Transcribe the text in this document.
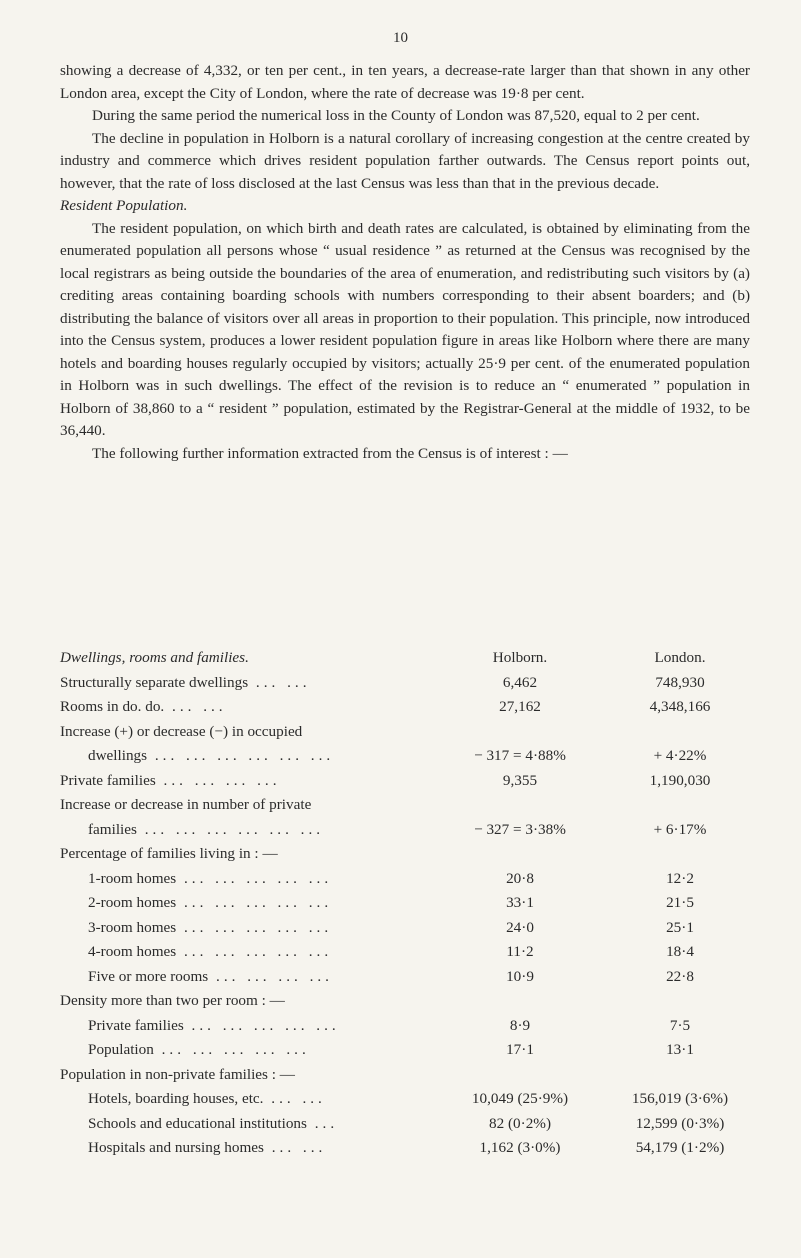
10

showing a decrease of 4,332, or ten per cent., in ten years, a decrease-rate larger than that shown in any other London area, except the City of London, where the rate of decrease was 19·8 per cent.

During the same period the numerical loss in the County of London was 87,520, equal to 2 per cent.

The decline in population in Holborn is a natural corollary of increasing congestion at the centre created by industry and commerce which drives resident population farther outwards. The Census report points out, however, that the rate of loss disclosed at the last Census was less than that in the previous decade.

Resident Population.

The resident population, on which birth and death rates are calculated, is obtained by eliminating from the enumerated population all persons whose “ usual residence ” as returned at the Census was recognised by the local registrars as being outside the boundaries of the area of enumeration, and redistributing such visitors by (a) crediting areas containing boarding schools with numbers corresponding to their absent boarders; and (b) distributing the balance of visitors over all areas in proportion to their population. This principle, now introduced into the Census system, produces a lower resident population figure in areas like Holborn where there are many hotels and boarding houses regularly occupied by visitors; actually 25·9 per cent. of the enumerated population in Holborn was in such dwellings. The effect of the revision is to reduce an “ enumerated ” population in Holborn of 38,860 to a “ resident ” population, estimated by the Registrar-General at the middle of 1932, to be 36,440.

The following further information extracted from the Census is of interest : —

Dwellings, rooms and families.	Holborn.	London.
Structurally separate dwellings ... ...	6,462	748,930
Rooms in do. do. ... ...	27,162	4,348,166
Increase (+) or decrease (−) in occupied
dwellings ... ... ... ... ... ...	− 317 = 4·88%	+ 4·22%
Private families ... ... ... ...	9,355	1,190,030
Increase or decrease in number of private
families ... ... ... ... ... ...	− 327 = 3·38%	+ 6·17%
Percentage of families living in : —
1-room homes ... ... ... ... ...	20·8	12·2
2-room homes ... ... ... ... ...	33·1	21·5
3-room homes ... ... ... ... ...	24·0	25·1
4-room homes ... ... ... ... ...	11·2	18·4
Five or more rooms ... ... ... ...	10·9	22·8
Density more than two per room : —
Private families ... ... ... ... ...	8·9	7·5
Population ... ... ... ... ...	17·1	13·1
Population in non-private families : —
Hotels, boarding houses, etc. ... ...	10,049 (25·9%)	156,019 (3·6%)
Schools and educational institutions ...	82 (0·2%)	12,599 (0·3%)
Hospitals and nursing homes ... ...	1,162 (3·0%)	54,179 (1·2%)
